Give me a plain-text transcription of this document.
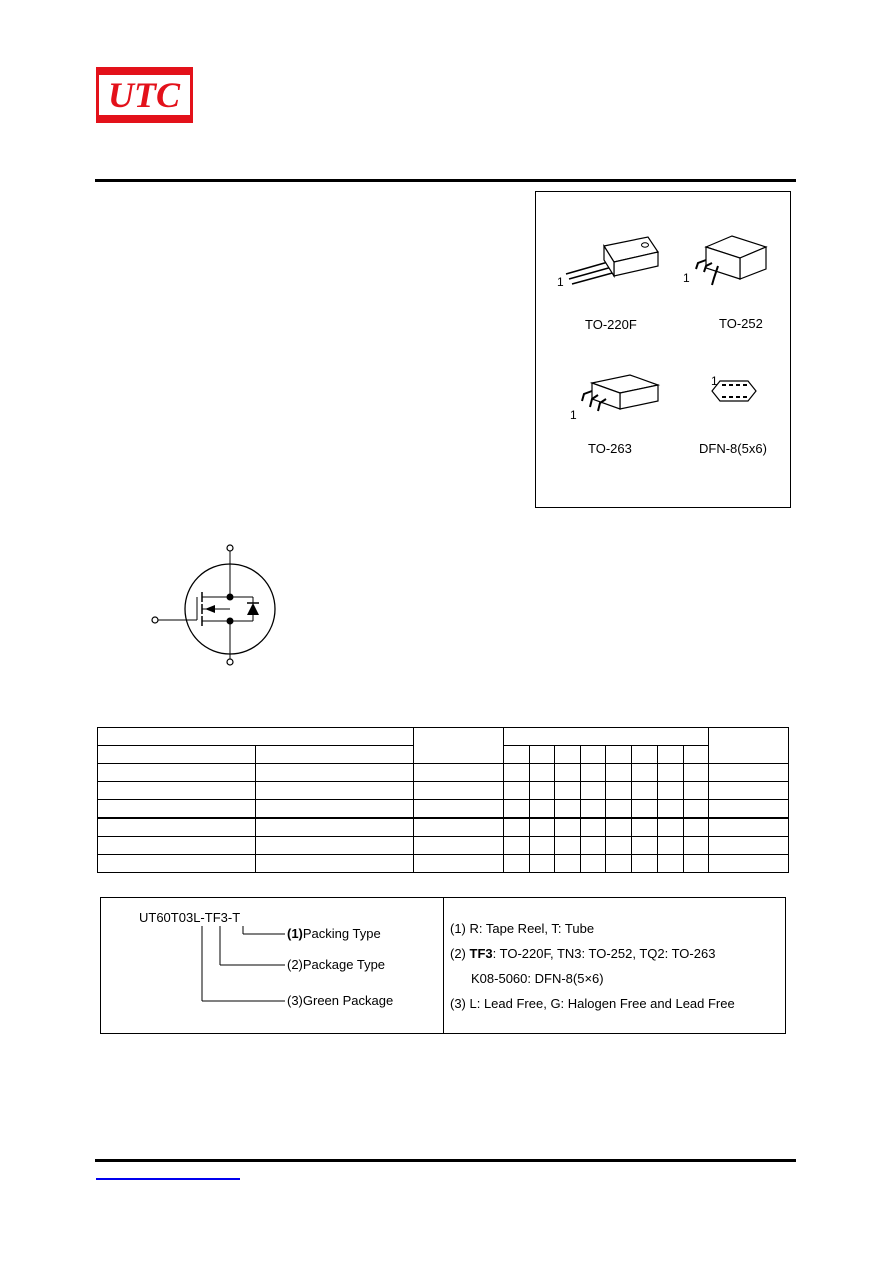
UTC
1
TO-220F
1
TO-252
1
TO-263
1
DFN-8(5x6)

UT60T03L-TF3-T
(1)Packing Type
(2)Package Type
(3)Green Package
(1) R: Tape Reel, T: Tube
(2) TF3: TO-220F, TN3: TO-252, TQ2: TO-263
K08-5060: DFN-8(5×6)
(3) L: Lead Free, G: Halogen Free and Lead Free
